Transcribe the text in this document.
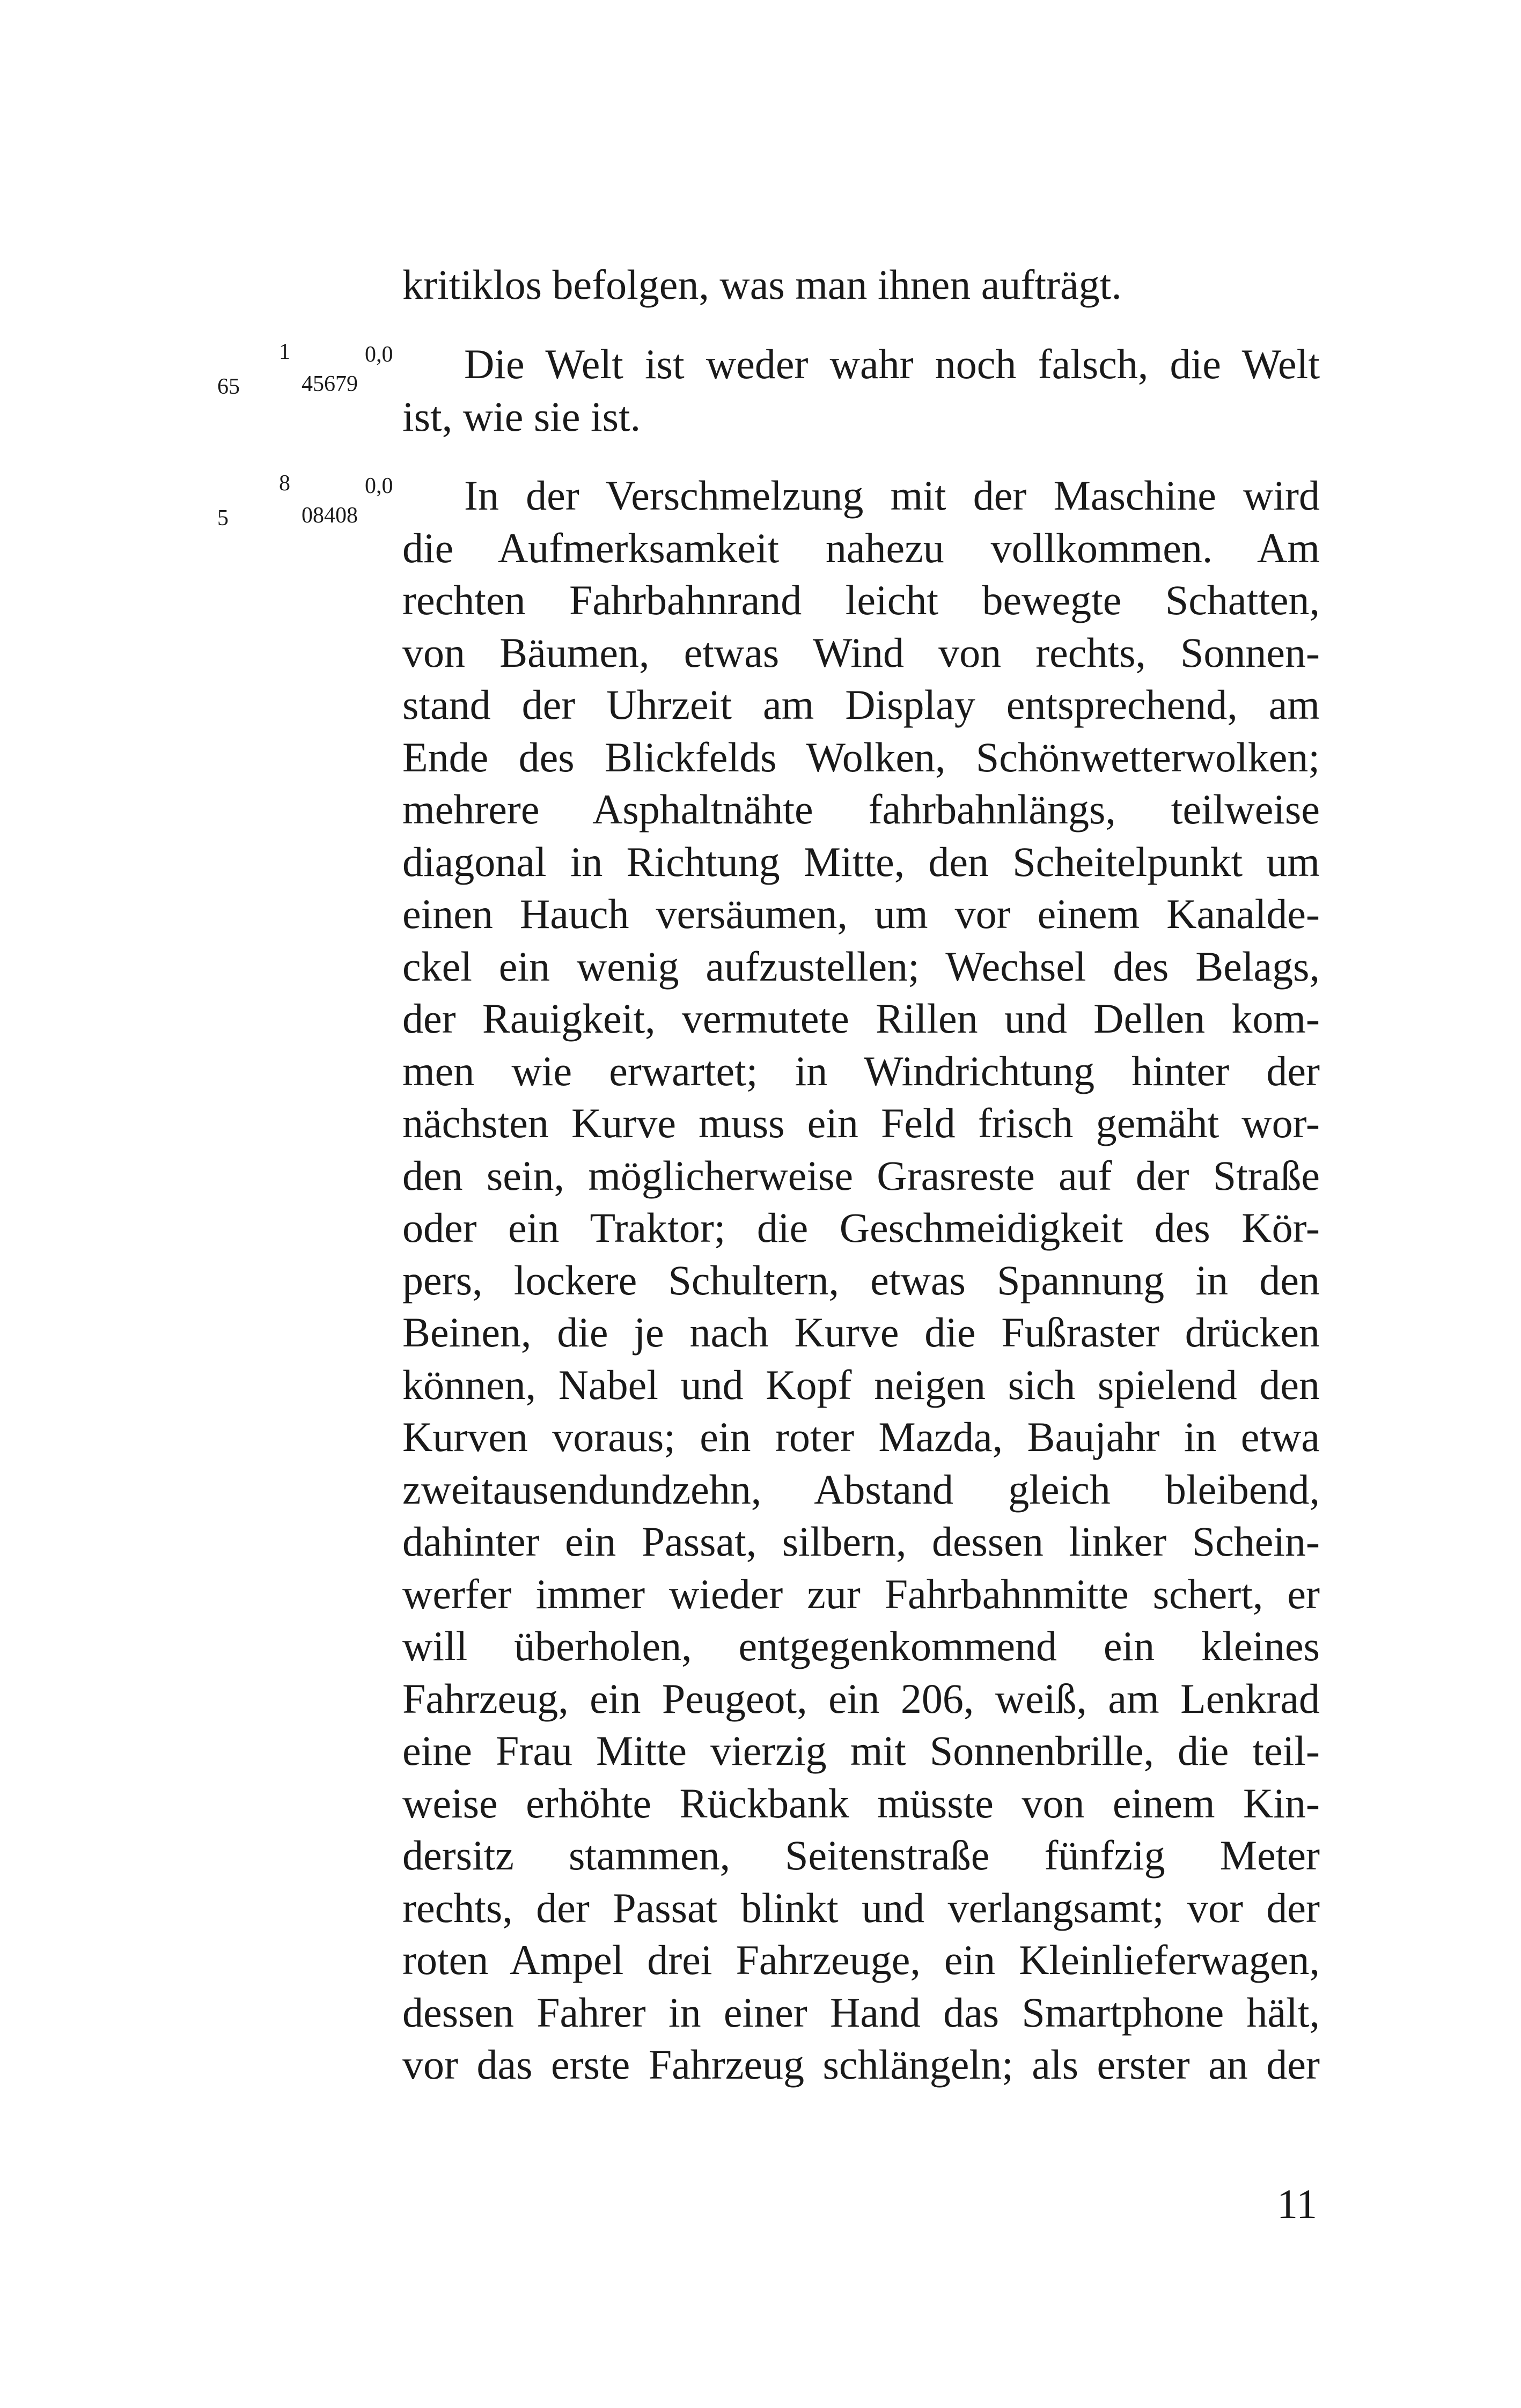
kritiklos befolgen, was man ihnen aufträgt.
65
1
45679
0,0	Die Welt ist weder wahr noch falsch, die Welt
ist, wie sie ist.
5
8
08408
0,0	In der Verschmelzung mit der Maschine wird
die Aufmerksamkeit nahezu vollkommen. Am
rechten Fahrbahnrand leicht bewegte Schatten,
von Bäumen, etwas Wind von rechts, Sonnen-
stand der Uhrzeit am Display entsprechend, am
Ende des Blickfelds Wolken, Schönwetterwolken;
mehrere Asphaltnähte fahrbahnlängs, teilweise
diagonal in Richtung Mitte, den Scheitelpunkt um
einen Hauch versäumen, um vor einem Kanalde-
ckel ein wenig aufzustellen; Wechsel des Belags,
der Rauigkeit, vermutete Rillen und Dellen kom-
men wie erwartet; in Windrichtung hinter der
nächsten Kurve muss ein Feld frisch gemäht wor-
den sein, möglicherweise Grasreste auf der Straße
oder ein Traktor; die Geschmeidigkeit des Kör-
pers, lockere Schultern, etwas Spannung in den
Beinen, die je nach Kurve die Fußraster drücken
können, Nabel und Kopf neigen sich spielend den
Kurven voraus; ein roter Mazda, Baujahr in etwa
zweitausendundzehn, Abstand gleich bleibend,
dahinter ein Passat, silbern, dessen linker Schein-
werfer immer wieder zur Fahrbahnmitte schert, er
will überholen, entgegenkommend ein kleines
Fahrzeug, ein Peugeot, ein 206, weiß, am Lenkrad
eine Frau Mitte vierzig mit Sonnenbrille, die teil-
weise erhöhte Rückbank müsste von einem Kin-
dersitz stammen, Seitenstraße fünfzig Meter
rechts, der Passat blinkt und verlangsamt; vor der
roten Ampel drei Fahrzeuge, ein Kleinlieferwagen,
dessen Fahrer in einer Hand das Smartphone hält,
vor das erste Fahrzeug schlängeln; als erster an der
11
